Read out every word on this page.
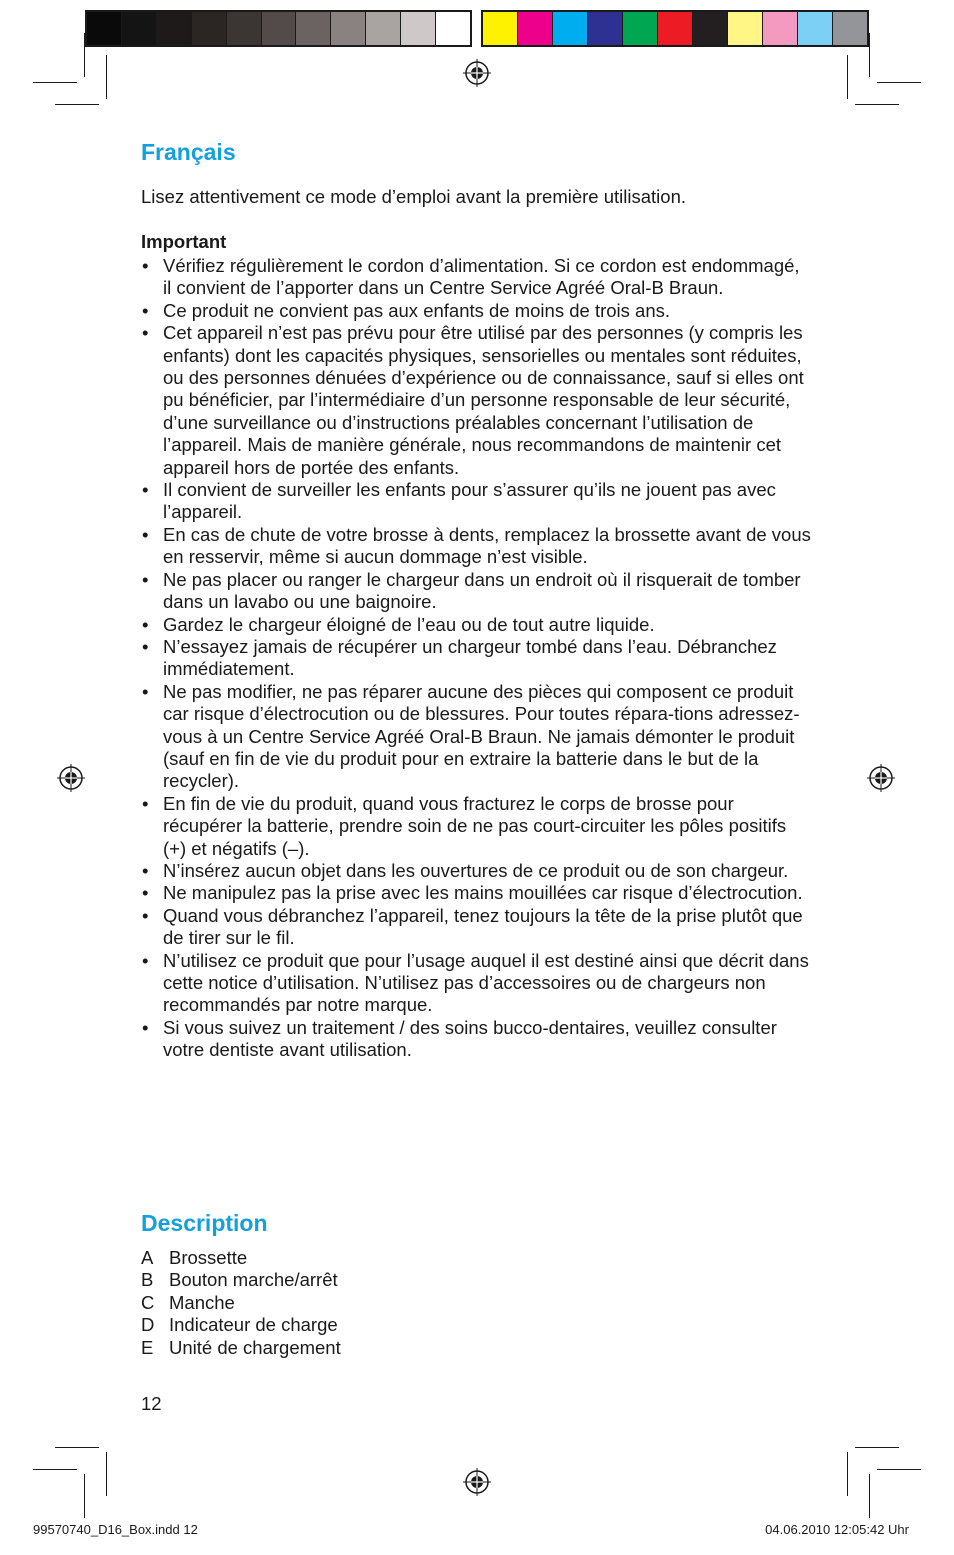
Français
Lisez attentivement ce mode d’emploi avant la première utilisation.
Important
• Vérifiez régulièrement le cordon d’alimentation. Si ce cordon est endommagé, il convient de l’apporter dans un Centre Service Agréé Oral-B Braun.
• Ce produit ne convient pas aux enfants de moins de trois ans.
• Cet appareil n’est pas prévu pour être utilisé par des personnes (y compris les enfants) dont les capacités physiques, sensorielles ou mentales sont réduites, ou des personnes dénuées d’expérience ou de connaissance, sauf si elles ont pu bénéficier, par l’intermédiaire d’un personne responsable de leur sécurité, d’une surveillance ou d’instructions préalables concernant l’utilisation de l’appareil. Mais de manière générale, nous recommandons de maintenir cet appareil hors de portée des enfants.
• Il convient de surveiller les enfants pour s’assurer qu’ils ne jouent pas avec l’appareil.
• En cas de chute de votre brosse à dents, remplacez la brossette avant de vous en resservir, même si aucun dommage n’est visible.
• Ne pas placer ou ranger le chargeur dans un endroit où il risquerait de tomber dans un lavabo ou une baignoire.
• Gardez le chargeur éloigné de l’eau ou de tout autre liquide.
• N’essayez jamais de récupérer un chargeur tombé dans l’eau. Débranchez immédiatement.
• Ne pas modifier, ne pas réparer aucune des pièces qui composent ce produit car risque d’électrocution ou de blessures. Pour toutes répara-tions adressez-vous à un Centre Service Agréé Oral-B Braun. Ne jamais démonter le produit (sauf en fin de vie du produit pour en extraire la batterie dans le but de la recycler).
• En fin de vie du produit, quand vous fracturez le corps de brosse pour récupérer la batterie, prendre soin de ne pas court-circuiter les pôles positifs (+) et négatifs (–).
• N’insérez aucun objet dans les ouvertures de ce produit ou de son chargeur.
• Ne manipulez pas la prise avec les mains mouillées car risque d’électrocution.
• Quand vous débranchez l’appareil, tenez toujours la tête de la prise plutôt que de tirer sur le fil.
• N’utilisez ce produit que pour l’usage auquel il est destiné ainsi que décrit dans cette notice d’utilisation. N’utilisez pas d’accessoires ou de chargeurs non recommandés par notre marque.
• Si vous suivez un traitement / des soins bucco-dentaires, veuillez consulter votre dentiste avant utilisation.
Description
A Brossette
B Bouton marche/arrêt
C Manche
D Indicateur de charge
E Unité de chargement
12
99570740_D16_Box.indd 12	04.06.2010 12:05:42 Uhr
